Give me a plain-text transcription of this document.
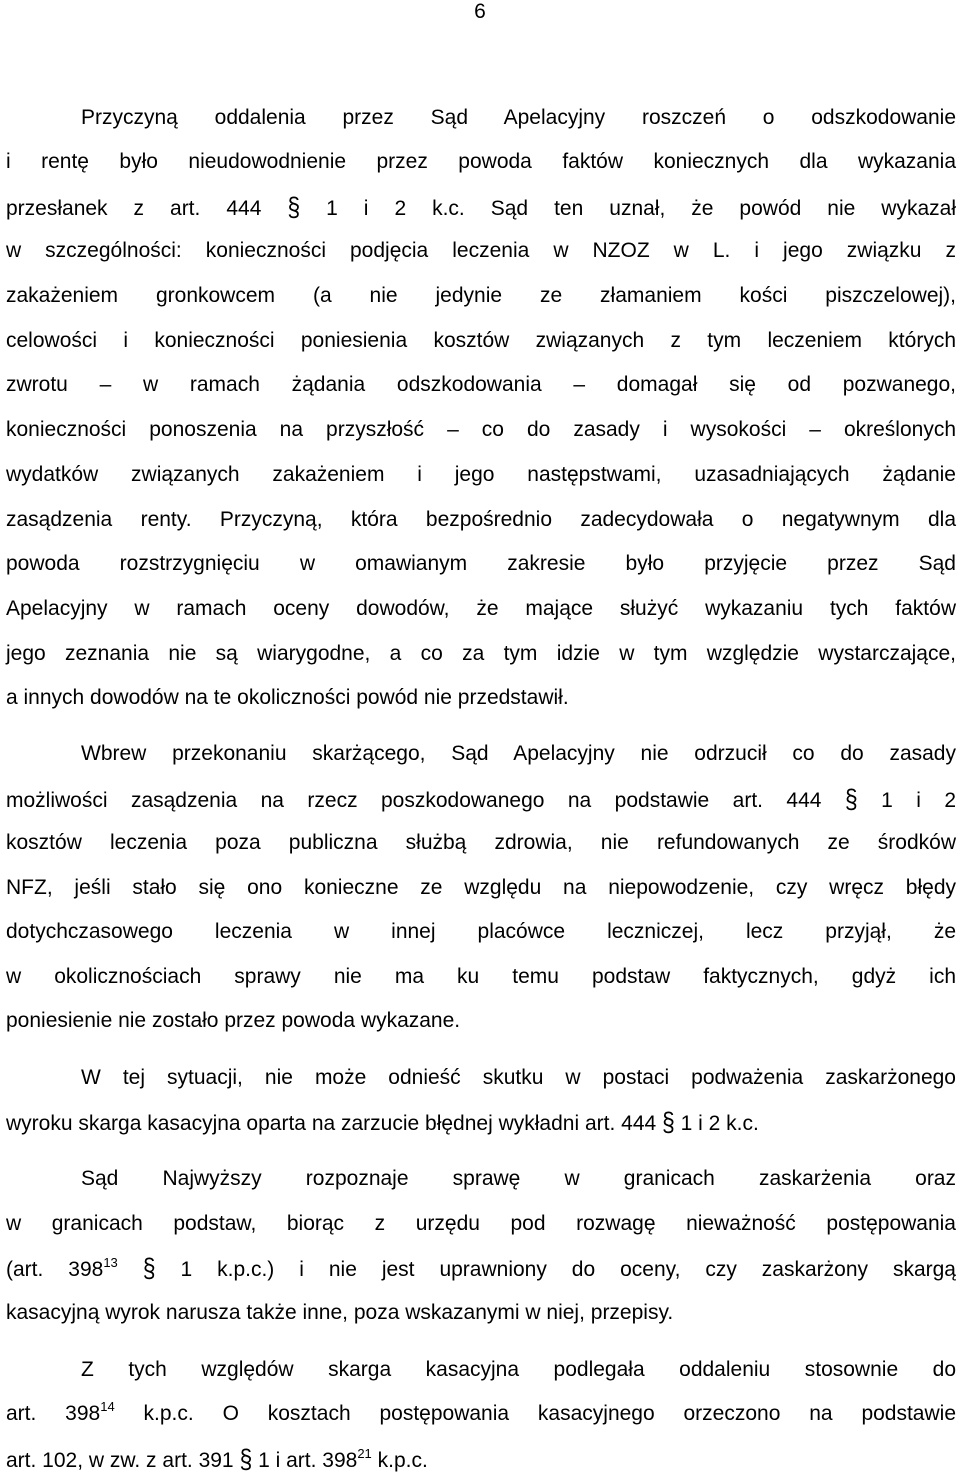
6
Przyczyną oddalenia przez Sąd Apelacyjny roszczeń o odszkodowanie
i rentę było nieudowodnienie przez powoda faktów koniecznych dla wykazania
przesłanek z art. 444 § 1 i 2 k.c. Sąd ten uznał, że powód nie wykazał
w szczególności: konieczności podjęcia leczenia w NZOZ w L. i jego związku z
zakażeniem gronkowcem (a nie jedynie ze złamaniem kości piszczelowej),
celowości i konieczności poniesienia kosztów związanych z tym leczeniem których
zwrotu – w ramach żądania odszkodowania – domagał się od pozwanego,
konieczności ponoszenia na przyszłość – co do zasady i wysokości – określonych
wydatków związanych zakażeniem i jego następstwami, uzasadniających żądanie
zasądzenia renty. Przyczyną, która bezpośrednio zadecydowała o negatywnym dla
powoda rozstrzygnięciu w omawianym zakresie było przyjęcie przez Sąd
Apelacyjny w ramach oceny dowodów, że mające służyć wykazaniu tych faktów
jego zeznania nie są wiarygodne, a co za tym idzie w tym względzie wystarczające,
a innych dowodów na te okoliczności powód nie przedstawił.
Wbrew przekonaniu skarżącego, Sąd Apelacyjny nie odrzucił co do zasady
możliwości zasądzenia na rzecz poszkodowanego na podstawie art. 444 § 1 i 2
kosztów leczenia poza publiczna służbą zdrowia, nie refundowanych ze środków
NFZ, jeśli stało się ono konieczne ze względu na niepowodzenie, czy wręcz błędy
dotychczasowego leczenia w innej placówce leczniczej, lecz przyjął, że
w okolicznościach sprawy nie ma ku temu podstaw faktycznych, gdyż ich
poniesienie nie zostało przez powoda wykazane.
W tej sytuacji, nie może odnieść skutku w postaci podważenia zaskarżonego
wyroku skarga kasacyjna oparta na zarzucie błędnej wykładni art. 444 § 1 i 2 k.c.
Sąd Najwyższy rozpoznaje sprawę w granicach zaskarżenia oraz
w granicach podstaw, biorąc z urzędu pod rozwagę nieważność postępowania
(art. $398^{13}$ § 1 k.p.c.) i nie jest uprawniony do oceny, czy zaskarżony skargą
kasacyjną wyrok narusza także inne, poza wskazanymi w niej, przepisy.
Z tych względów skarga kasacyjna podlegała oddaleniu stosownie do
art. $398^{14}$ k.p.c. O kosztach postępowania kasacyjnego orzeczono na podstawie
art. 102, w zw. z art. 391 § 1 i art. $398^{21}$ k.p.c.
